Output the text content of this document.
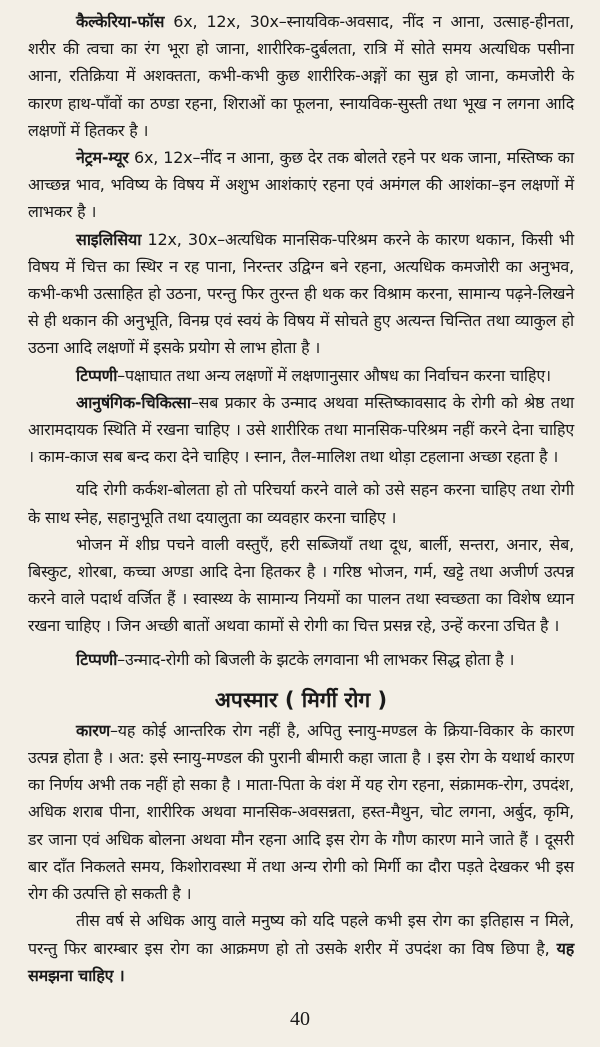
कैल्केरिया-फॉस 6x, 12x, 30x–स्नायविक-अवसाद, नींद न आना, उत्साह-हीनता, शरीर की त्वचा का रंग भूरा हो जाना, शारीरिक-दुर्बलता, रात्रि में सोते समय अत्यधिक पसीना आना, रतिक्रिया में अशक्तता, कभी-कभी कुछ शारीरिक-अङ्गों का सुन्न हो जाना, कमजोरी के कारण हाथ-पाँवों का ठण्डा रहना, शिराओं का फूलना, स्नायविक-सुस्ती तथा भूख न लगना आदि लक्षणों में हितकर है ।

नेट्रम-म्यूर 6x, 12x–नींद न आना, कुछ देर तक बोलते रहने पर थक जाना, मस्तिष्क का आच्छन्न भाव, भविष्य के विषय में अशुभ आशंकाएं रहना एवं अमंगल की आशंका–इन लक्षणों में लाभकर है ।

साइलिसिया 12x, 30x–अत्यधिक मानसिक-परिश्रम करने के कारण थकान, किसी भी विषय में चित्त का स्थिर न रह पाना, निरन्तर उद्विग्न बने रहना, अत्यधिक कमजोरी का अनुभव, कभी-कभी उत्साहित हो उठना, परन्तु फिर तुरन्त ही थक कर विश्राम करना, सामान्य पढ़ने-लिखने से ही थकान की अनुभूति, विनम्र एवं स्वयं के विषय में सोचते हुए अत्यन्त चिन्तित तथा व्याकुल हो उठना आदि लक्षणों में इसके प्रयोग से लाभ होता है ।

टिप्पणी–पक्षाघात तथा अन्य लक्षणों में लक्षणानुसार औषध का निर्वाचन करना चाहिए।

आनुषंगिक-चिकित्सा–सब प्रकार के उन्माद अथवा मस्तिष्कावसाद के रोगी को श्रेष्ठ तथा आरामदायक स्थिति में रखना चाहिए । उसे शारीरिक तथा मानसिक-परिश्रम नहीं करने देना चाहिए । काम-काज सब बन्द करा देने चाहिए । स्नान, तैल-मालिश तथा थोड़ा टहलाना अच्छा रहता है ।

यदि रोगी कर्कश-बोलता हो तो परिचर्या करने वाले को उसे सहन करना चाहिए तथा रोगी के साथ स्नेह, सहानुभूति तथा दयालुता का व्यवहार करना चाहिए ।

भोजन में शीघ्र पचने वाली वस्तुएँ, हरी सब्जियाँ तथा दूध, बार्ली, सन्तरा, अनार, सेब, बिस्कुट, शोरबा, कच्चा अण्डा आदि देना हितकर है । गरिष्ठ भोजन, गर्म, खट्टे तथा अजीर्ण उत्पन्न करने वाले पदार्थ वर्जित हैं । स्वास्थ्य के सामान्य नियमों का पालन तथा स्वच्छता का विशेष ध्यान रखना चाहिए । जिन अच्छी बातों अथवा कामों से रोगी का चित्त प्रसन्न रहे, उन्हें करना उचित है ।

टिप्पणी–उन्माद-रोगी को बिजली के झटके लगवाना भी लाभकर सिद्ध होता है ।

अपस्मार ( मिर्गी रोग )

कारण–यह कोई आन्तरिक रोग नहीं है, अपितु स्नायु-मण्डल के क्रिया-विकार के कारण उत्पन्न होता है । अत: इसे स्नायु-मण्डल की पुरानी बीमारी कहा जाता है । इस रोग के यथार्थ कारण का निर्णय अभी तक नहीं हो सका है । माता-पिता के वंश में यह रोग रहना, संक्रामक-रोग, उपदंश, अधिक शराब पीना, शारीरिक अथवा मानसिक-अवसन्नता, हस्त-मैथुन, चोट लगना, अर्बुद, कृमि, डर जाना एवं अधिक बोलना अथवा मौन रहना आदि इस रोग के गौण कारण माने जाते हैं । दूसरी बार दाँत निकलते समय, किशोरावस्था में तथा अन्य रोगी को मिर्गी का दौरा पड़ते देखकर भी इस रोग की उत्पत्ति हो सकती है ।

तीस वर्ष से अधिक आयु वाले मनुष्य को यदि पहले कभी इस रोग का इतिहास न मिले, परन्तु फिर बारम्बार इस रोग का आक्रमण हो तो उसके शरीर में उपदंश का विष छिपा है, यह समझना चाहिए ।

40
